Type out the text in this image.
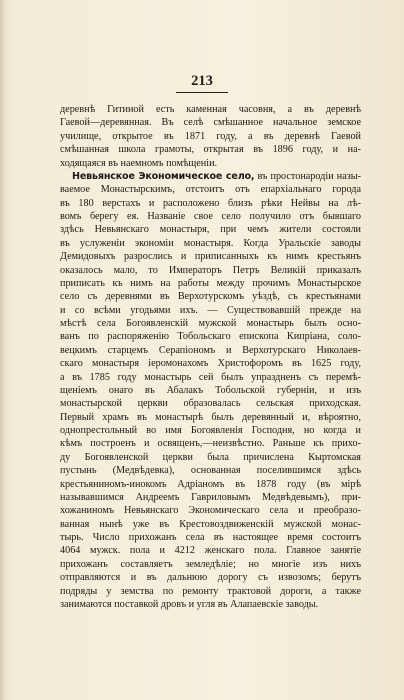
213
деревнѣ Гитиной есть каменная часовня, а въ деревнѣ
Гаевой—деревянная. Въ селѣ смѣшанное начальное земское
училище, открытое въ 1871 году, а въ деревнѣ Гаевой
смѣшанная школа грамоты, открытая въ 1896 году, и на-
ходящаяся въ наемномъ помѣщеніи.
Невьянское Экономическое село, въ простонародіи назы-
ваемое Монастырскимъ, отстоитъ отъ епархіальнаго города
въ 180 верстахъ и расположено близъ рѣки Нейвы на лѣ-
вомъ берегу ея. Названіе свое село получило отъ бывшаго
здѣсь Невьянскаго монастыря, при чемъ жители состояли
въ услуженіи экономіи монастыря. Когда Уральскіе заводы
Демидовыхъ разрослись и приписанныхъ къ нимъ крестьянъ
оказалось мало, то Императоръ Петръ Великій приказалъ
приписать къ нимъ на работы между прочимъ Монастырское
село съ деревнями въ Верхотурскомъ уѣздѣ, съ крестьянами
и со всѣми угодьями ихъ. — Существовавшій прежде на
мѣстѣ села Богоявленскій мужской монастырь былъ осно-
ванъ по распоряженію Тобольскаго епископа Кипріана, соло-
вецкимъ старцемъ Серапіономъ и Верхотурскаго Николаев-
скаго монастыря іеромонахомъ Христофоромъ въ 1625 году,
а въ 1785 году монастырь сей былъ упраздненъ съ перемѣ-
щеніемъ онаго въ Абалакъ Тобольской губерніи, и изъ
монастырской церкви образовалась сельская приходская.
Первый храмъ въ монастырѣ былъ деревянный и, вѣроятно,
однопрестольный во имя Богоявленія Господня, но когда и
кѣмъ построенъ и освященъ,—неизвѣстно. Раньше къ прихо-
ду Богоявленской церкви была причислена Кыртомская
пустынь (Медвѣдевка), основанная поселившимся здѣсь
крестьяниномъ-инокомъ Адріаномъ въ 1878 году (въ мірѣ
называвшимся Андреемъ Гавриловымъ Медвѣдевымъ), при-
хожаниномъ Невьянскаго Экономическаго села и преобразо-
ванная нынѣ уже въ Крестовоздвиженскій мужской монас-
тырь. Число прихожанъ села въ настоящее время состоитъ
4064 мужск. пола и 4212 женскаго пола. Главное занятіе
прихожанъ составляетъ земледѣліе; но многіе изъ нихъ
отправляются и въ дальнюю дорогу съ извозомъ; берутъ
подряды у земства по ремонту трактовой дороги, а также
занимаются поставкой дровъ и угля въ Алапаевскіе заводы.
